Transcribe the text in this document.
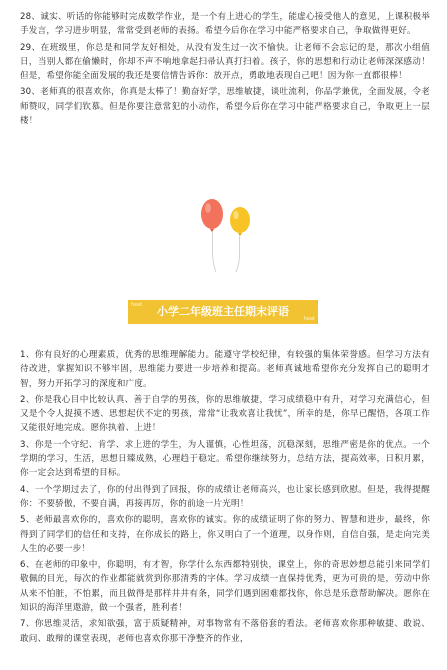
28、诚实、听话的你能够时完成数学作业，是一个有上进心的学生，能虚心接受他人的意见，上课积极举手发言，学习进步明显，常常受到老师的表扬。希望今后你在学习中能严格要求自己，争取做得更好。

29、在班级里，你总是和同学友好相处，从没有发生过一次不愉快。让老师不会忘记的是，那次小组值日，当别人都在偷懒时，你却不声不响地拿起扫帚认真打扫着。孩子，你的思想和行动让老师深深感动！但是，希望你能全面发展的我还是要信情告诉你：放开点，勇敢地表现自己吧！因为你一直都很棒！

30、老师真的很喜欢你，你真是太棒了！勤奋好学，思维敏捷，谈吐流利，你品学兼优，全面发展，令老师赞叹，同学们钦慕。但是你要注意常犯的小动作，希望今后你在学习中能严格要求自己，争取更上一层楼！

heat 小学二年级班主任期末评语
heat

1、你有良好的心理素质，优秀的思维理解能力。能遵守学校纪律，有较强的集体荣誉感。但学习方法有待改进，掌握知识不够牢固，思维能力要进一步培养和提高。老师真诚地希望你充分发挥自己的聪明才智，努力开拓学习的深度和广度。

2、你是我心目中比较认真、善于自学的男孩，你的思维敏捷，学习成绩稳中有升，对学习充满信心，但又是个令人捉摸不透、思想起伏不定的男孩，常常“让我欢喜让我忧”，所幸的是，你早已醒悟，各项工作又能很好地完成。愿你执着、上进！

3、你是一个守纪、肯学、求上进的学生，为人谨慎，心性坦荡，沉稳深刻，思维严密是你的优点。一个学期的学习，生活，思想日臻成熟，心理趋于稳定。希望你继续努力，总结方法，提高效率，日积月累，你一定会达到希望的目标。

4、一个学期过去了，你的付出得到了回报，你的成绩让老师高兴，也让家长感到欣慰。但是，我得提醒你：不要骄傲，不要自满，再接再厉，你的前途一片光明！

5、老师最喜欢你的，喜欢你的聪明，喜欢你的诚实。你的成绩证明了你的努力、智慧和进步，最终，你得到了同学们的信任和支持，在你成长的路上，你又明白了一个道理，以身作则，自信自强，是走向完美人生的必要一步！

6、在老师的印象中，你聪明，有才智，你学什么东西都特别快，课堂上，你的奇思妙想总能引来同学们敬佩的目光，每次的作业都能就赏到你那清秀的字体。学习成绩一直保持优秀，更为可贵的是，劳动中你从来不怕脏，不怕累，而且做得是那样井井有条，同学们遇到困难都找你，你总是乐意帮助解决。愿你在知识的海洋里遨游，做一个强者，胜利者！

7、你思维灵活，求知欲强，富于质疑精神，对事物常有不落俗套的看法。老师喜欢你那种敏捷、敢说、敢问、敢辩的课堂表现，老师也喜欢你那干净整齐的作业，
